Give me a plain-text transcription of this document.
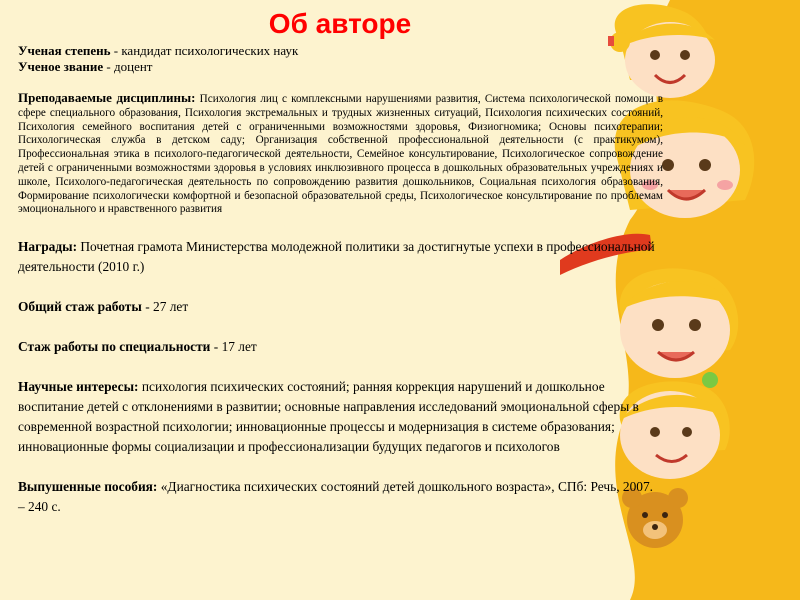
Об авторе

Ученая степень - кандидат психологических наук

Ученое звание - доцент

Преподаваемые дисциплины: Психология лиц с комплексными нарушениями развития, Система психологической помощи в сфере специального образования, Психология экстремальных и трудных жизненных ситуаций, Психология психических состояний, Психология семейного воспитания детей с ограниченными возможностями здоровья, Физиогномика; Основы психотерапии; Психологическая служба в детском саду; Организация собственной профессиональной деятельности (с практикумом), Профессиональная этика в психолого-педагогической деятельности, Семейное консультирование, Психологическое сопровождение детей с ограниченными возможностями здоровья в условиях инклюзивного процесса в дошкольных образовательных учреждениях и школе, Психолого-педагогическая деятельность по сопровождению развития дошкольников, Социальная психология образования, Формирование психологически комфортной и безопасной образовательной среды, Психологическое консультирование по проблемам эмоционального и нравственного развития

Награды: Почетная грамота Министерства молодежной политики за достигнутые успехи в профессиональной деятельности (2010 г.)

Общий стаж работы - 27 лет

Стаж работы по специальности - 17 лет

Научные интересы: психология психических состояний; ранняя коррекция нарушений и дошкольное воспитание детей с отклонениями в развитии; основные направления исследований эмоциональной сферы в современной возрастной психологии; инновационные процессы и модернизация в системе образования; инновационные формы социализации и профессионализации будущих педагогов и психологов

Выпушенные пособия: «Диагностика психических состояний детей дошкольного возраста», СПб: Речь, 2007. – 240 с.
